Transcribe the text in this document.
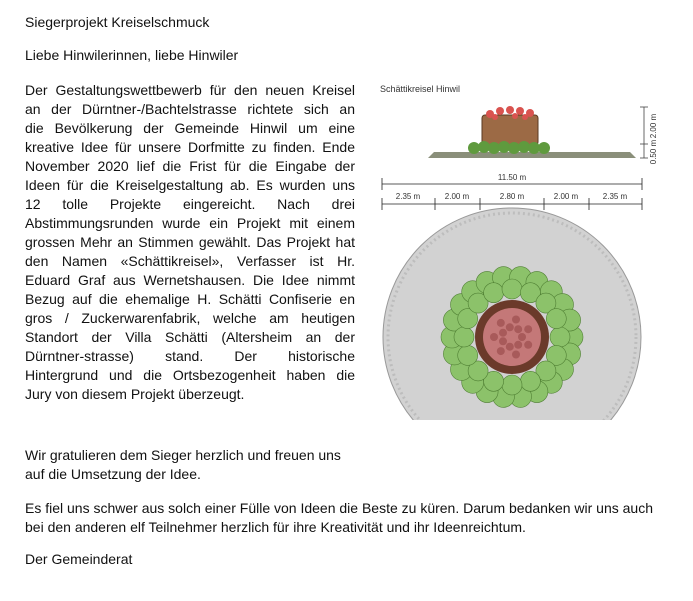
Siegerprojekt Kreiselschmuck
Liebe Hinwilerinnen, liebe Hinwiler
Der Gestaltungswettbewerb für den neuen Kreisel
an der Dürntner-/Bachtelstrasse richtete sich an
die Bevölkerung der Gemeinde Hinwil um eine
kreative Idee für unsere Dorfmitte zu finden. Ende
November 2020 lief die Frist für die Eingabe der
Ideen für die Kreiselgestaltung ab. Es wurden uns
12 tolle Projekte eingereicht. Nach drei
Abstimmungsrunden wurde ein Projekt mit einem
grossen Mehr an Stimmen gewählt. Das Projekt hat
den Namen «Schättikreisel», Verfasser ist Hr.
Eduard Graf aus Wernetshausen. Die Idee nimmt
Bezug auf die ehemalige H. Schätti Confiserie en
gros / Zuckerwarenfabrik, welche am heutigen
Standort der Villa Schätti (Altersheim an der
Dürntner-strasse) stand. Der historische
Hintergrund und die Ortsbezogenheit haben die
Jury von diesem Projekt überzeugt.
Wir gratulieren dem Sieger herzlich und freuen uns
auf die Umsetzung der Idee.
Es fiel uns schwer aus solch einer Fülle von Ideen die Beste zu küren. Darum bedanken wir uns auch
bei den anderen elf Teilnehmer herzlich für ihre Kreativität und ihr Ideenreichtum.
Der Gemeinderat
Schättikreisel Hinwil
2.00 m
0.50 m
11.50 m
2.35 m	2.00 m	2.80 m	2.00 m	2.35 m
